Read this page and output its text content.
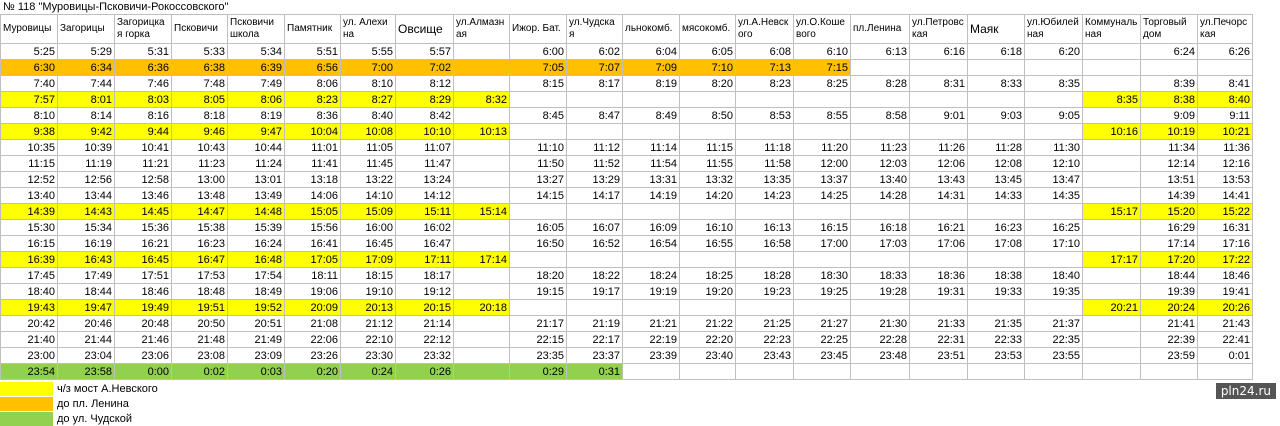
№ 118 "Муровицы-Псковичи-Рокоссовского"
Муровицы	Загорицы	Загорицкая горка	Псковичи	Псковичи школа	Памятник	ул. Алехина	Овсище	ул.Алмазная	Ижор. Бат.	ул.Чудская	льнокомб.	мясокомб.	ул.А.Невского	ул.О.Кошевого	пл.Ленина	ул.Петровская	Маяк	ул.Юбилейная	Коммунальная	Торговый дом	ул.Печорская
5:25	5:29	5:31	5:33	5:34	5:51	5:55	5:57		6:00	6:02	6:04	6:05	6:08	6:10	6:13	6:16	6:18	6:20		6:24	6:26
6:30	6:34	6:36	6:38	6:39	6:56	7:00	7:02		7:05	7:07	7:09	7:10	7:13	7:15							
7:40	7:44	7:46	7:48	7:49	8:06	8:10	8:12		8:15	8:17	8:19	8:20	8:23	8:25	8:28	8:31	8:33	8:35		8:39	8:41
7:57	8:01	8:03	8:05	8:06	8:23	8:27	8:29	8:32											8:35	8:38	8:40
8:10	8:14	8:16	8:18	8:19	8:36	8:40	8:42		8:45	8:47	8:49	8:50	8:53	8:55	8:58	9:01	9:03	9:05		9:09	9:11
9:38	9:42	9:44	9:46	9:47	10:04	10:08	10:10	10:13											10:16	10:19	10:21
10:35	10:39	10:41	10:43	10:44	11:01	11:05	11:07		11:10	11:12	11:14	11:15	11:18	11:20	11:23	11:26	11:28	11:30		11:34	11:36
11:15	11:19	11:21	11:23	11:24	11:41	11:45	11:47		11:50	11:52	11:54	11:55	11:58	12:00	12:03	12:06	12:08	12:10		12:14	12:16
12:52	12:56	12:58	13:00	13:01	13:18	13:22	13:24		13:27	13:29	13:31	13:32	13:35	13:37	13:40	13:43	13:45	13:47		13:51	13:53
13:40	13:44	13:46	13:48	13:49	14:06	14:10	14:12		14:15	14:17	14:19	14:20	14:23	14:25	14:28	14:31	14:33	14:35		14:39	14:41
14:39	14:43	14:45	14:47	14:48	15:05	15:09	15:11	15:14											15:17	15:20	15:22
15:30	15:34	15:36	15:38	15:39	15:56	16:00	16:02		16:05	16:07	16:09	16:10	16:13	16:15	16:18	16:21	16:23	16:25		16:29	16:31
16:15	16:19	16:21	16:23	16:24	16:41	16:45	16:47		16:50	16:52	16:54	16:55	16:58	17:00	17:03	17:06	17:08	17:10		17:14	17:16
16:39	16:43	16:45	16:47	16:48	17:05	17:09	17:11	17:14											17:17	17:20	17:22
17:45	17:49	17:51	17:53	17:54	18:11	18:15	18:17		18:20	18:22	18:24	18:25	18:28	18:30	18:33	18:36	18:38	18:40		18:44	18:46
18:40	18:44	18:46	18:48	18:49	19:06	19:10	19:12		19:15	19:17	19:19	19:20	19:23	19:25	19:28	19:31	19:33	19:35		19:39	19:41
19:43	19:47	19:49	19:51	19:52	20:09	20:13	20:15	20:18											20:21	20:24	20:26
20:42	20:46	20:48	20:50	20:51	21:08	21:12	21:14		21:17	21:19	21:21	21:22	21:25	21:27	21:30	21:33	21:35	21:37		21:41	21:43
21:40	21:44	21:46	21:48	21:49	22:06	22:10	22:12		22:15	22:17	22:19	22:20	22:23	22:25	22:28	22:31	22:33	22:35		22:39	22:41
23:00	23:04	23:06	23:08	23:09	23:26	23:30	23:32		23:35	23:37	23:39	23:40	23:43	23:45	23:48	23:51	23:53	23:55		23:59	0:01
23:54	23:58	0:00	0:02	0:03	0:20	0:24	0:26		0:29	0:31											
ч/з мост А.Невского
до пл. Ленина
до ул. Чудской
pln24.ru
